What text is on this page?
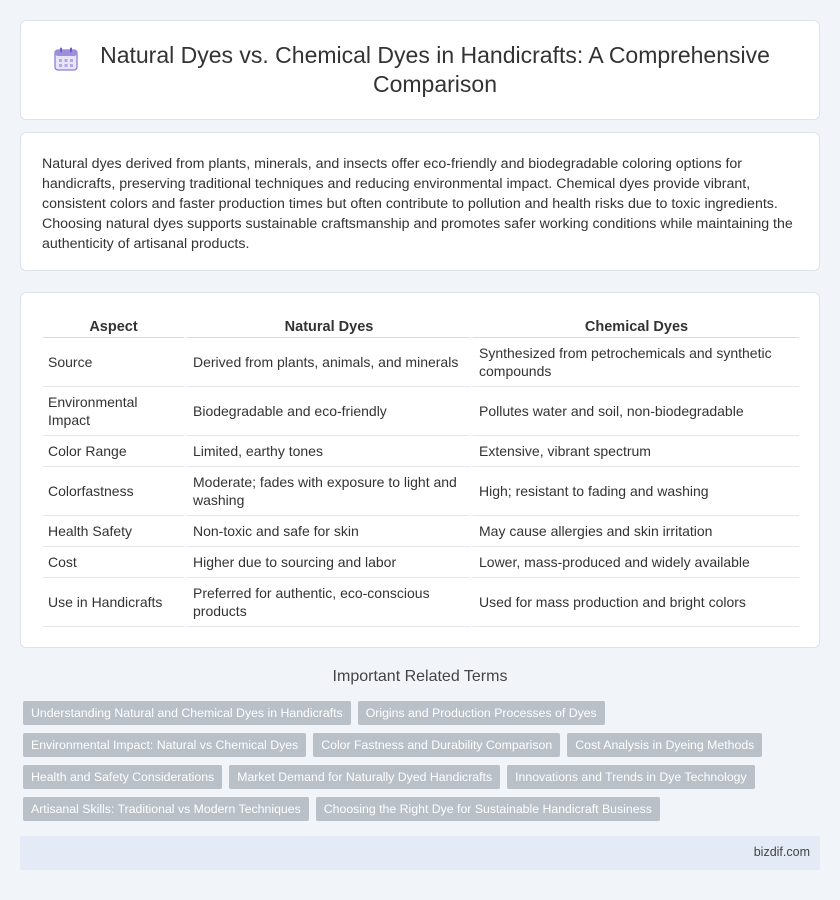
Natural Dyes vs. Chemical Dyes in Handicrafts: A Comprehensive Comparison

Natural dyes derived from plants, minerals, and insects offer eco-friendly and biodegradable coloring options for handicrafts, preserving traditional techniques and reducing environmental impact. Chemical dyes provide vibrant, consistent colors and faster production times but often contribute to pollution and health risks due to toxic ingredients. Choosing natural dyes supports sustainable craftsmanship and promotes safer working conditions while maintaining the authenticity of artisanal products.

Aspect	Natural Dyes	Chemical Dyes
Source	Derived from plants, animals, and minerals	Synthesized from petrochemicals and synthetic compounds
Environmental Impact	Biodegradable and eco-friendly	Pollutes water and soil, non-biodegradable
Color Range	Limited, earthy tones	Extensive, vibrant spectrum
Colorfastness	Moderate; fades with exposure to light and washing	High; resistant to fading and washing
Health Safety	Non-toxic and safe for skin	May cause allergies and skin irritation
Cost	Higher due to sourcing and labor	Lower, mass-produced and widely available
Use in Handicrafts	Preferred for authentic, eco-conscious products	Used for mass production and bright colors
Important Related Terms
Understanding Natural and Chemical Dyes in Handicrafts	Origins and Production Processes of Dyes
Environmental Impact: Natural vs Chemical Dyes	Color Fastness and Durability Comparison	Cost Analysis in Dyeing Methods
Health and Safety Considerations	Market Demand for Naturally Dyed Handicrafts	Innovations and Trends in Dye Technology
Artisanal Skills: Traditional vs Modern Techniques	Choosing the Right Dye for Sustainable Handicraft Business
bizdif.com
